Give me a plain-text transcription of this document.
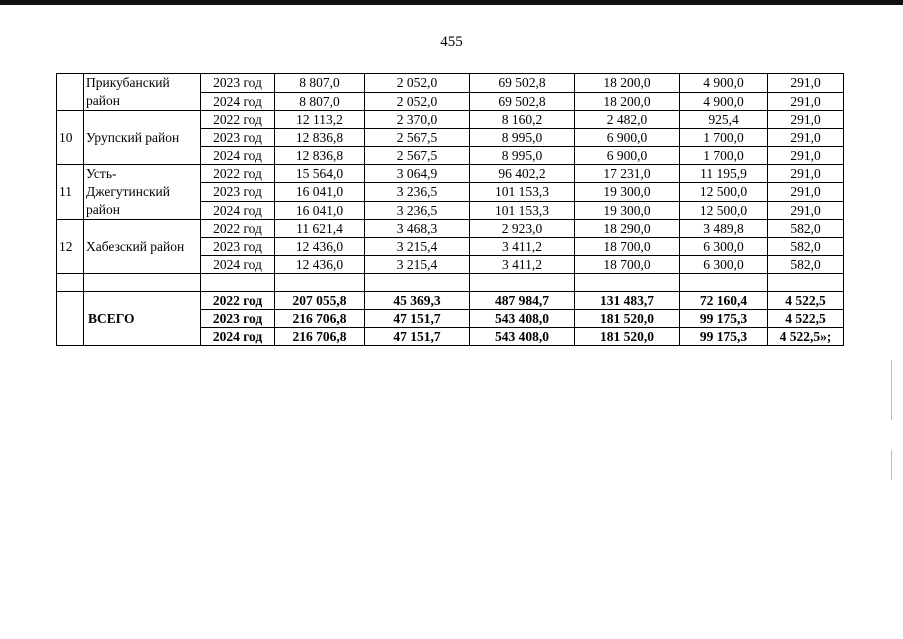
455
	Прикубанский район	2023 год	8 807,0	2 052,0	69 502,8	18 200,0	4 900,0	291,0
		2024 год	8 807,0	2 052,0	69 502,8	18 200,0	4 900,0	291,0
10	Урупский район	2022 год	12 113,2	2 370,0	8 160,2	2 482,0	925,4	291,0
		2023 год	12 836,8	2 567,5	8 995,0	6 900,0	1 700,0	291,0
		2024 год	12 836,8	2 567,5	8 995,0	6 900,0	1 700,0	291,0
11	Усть-Джегутинский район	2022 год	15 564,0	3 064,9	96 402,2	17 231,0	11 195,9	291,0
		2023 год	16 041,0	3 236,5	101 153,3	19 300,0	12 500,0	291,0
		2024 год	16 041,0	3 236,5	101 153,3	19 300,0	12 500,0	291,0
12	Хабезский район	2022 год	11 621,4	3 468,3	2 923,0	18 290,0	3 489,8	582,0
		2023 год	12 436,0	3 215,4	3 411,2	18 700,0	6 300,0	582,0
		2024 год	12 436,0	3 215,4	3 411,2	18 700,0	6 300,0	582,0

	ВСЕГО	2022 год	207 055,8	45 369,3	487 984,7	131 483,7	72 160,4	4 522,5
		2023 год	216 706,8	47 151,7	543 408,0	181 520,0	99 175,3	4 522,5
		2024 год	216 706,8	47 151,7	543 408,0	181 520,0	99 175,3	4 522,5»;
